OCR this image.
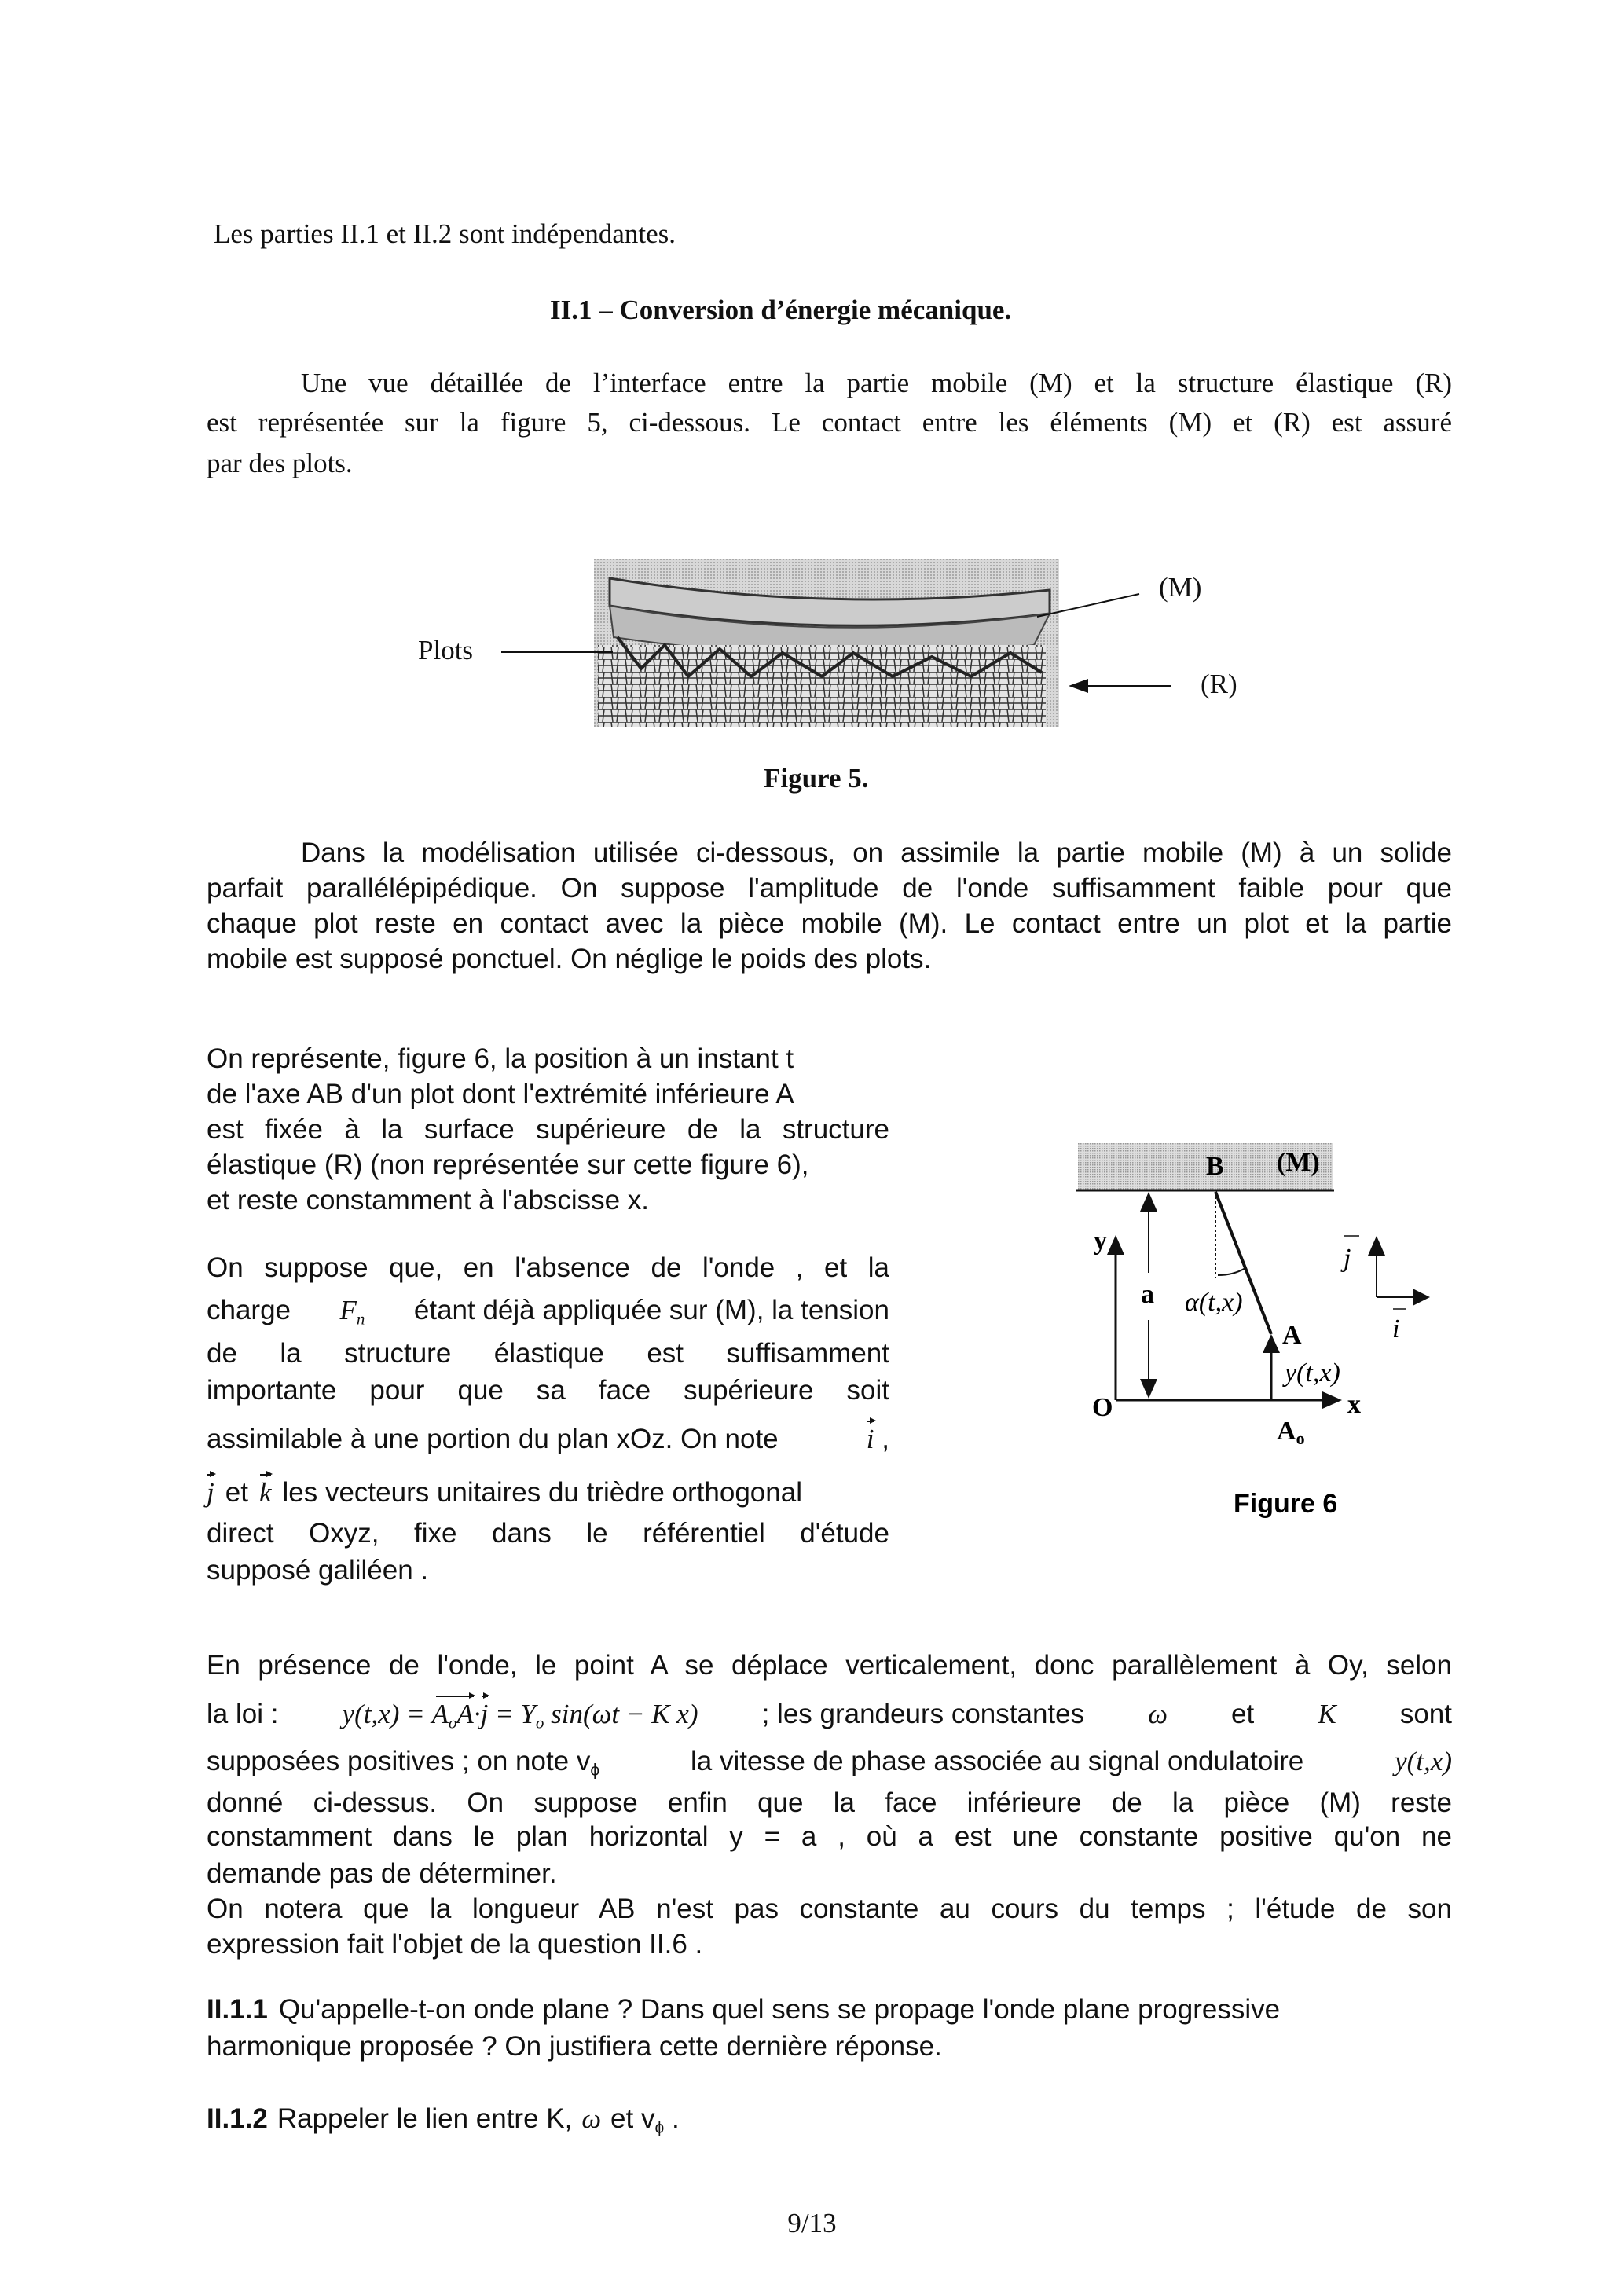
Les parties II.1 et II.2 sont indépendantes.
II.1 – Conversion d’énergie mécanique.
Une vue détaillée de l’interface entre la partie mobile (M) et la structure élastique (R)
est représentée sur la figure 5, ci-dessous. Le contact entre les éléments (M) et (R) est assuré
par des plots.
(M)
Plots
(R)
Figure 5.
Dans la modélisation utilisée ci-dessous, on assimile la partie mobile (M) à un solide
parfait parallélépipédique. On suppose l'amplitude de l'onde suffisamment faible pour que
chaque plot reste en contact avec la pièce mobile (M). Le contact entre un plot et la partie
mobile est supposé ponctuel. On néglige le poids des plots.
On représente, figure 6, la position à un instant t
de l'axe AB d'un plot dont l'extrémité inférieure A
est fixée à la surface supérieure de la structure
élastique (R) (non représentée sur cette figure 6),
et reste constamment à l'abscisse x.
On suppose que, en l'absence de l'onde , et la
charge $F_n$ étant déjà appliquée sur (M), la tension
de la structure élastique est suffisamment
importante pour que sa face supérieure soit
assimilable à une portion du plan xOz. On note	i ,
j et k les vecteurs unitaires du trièdre orthogonal
direct Oxyz, fixe dans le référentiel d'étude
supposé galiléen .
B (M)
y
O	x
a α(t,x)
A
y(t,x)
Ao
j
i
Figure 6
En présence de l'onde, le point A se déplace verticalement, donc parallèlement à Oy, selon
la loi : $y(t,x) = A_oA\cdot j = Y_o$ sin(ωt − K x) ; les grandeurs constantes ω et K sont
supposées positives ; on note $v_\phi$	la vitesse de phase associée au signal ondulatoire	y(t,x)
donné ci-dessus. On suppose enfin que la face inférieure de la pièce (M) reste
constamment dans le plan horizontal y = a , où a est une constante positive qu'on ne
demande pas de déterminer.
On notera que la longueur AB n'est pas constante au cours du temps ; l'étude de son
expression fait l'objet de la question II.6 .
II.1.1 Qu'appelle-t-on onde plane ? Dans quel sens se propage l'onde plane progressive
harmonique proposée ? On justifiera cette dernière réponse.
II.1.2 Rappeler le lien entre K, ω et $v_\phi$ .
9/13
